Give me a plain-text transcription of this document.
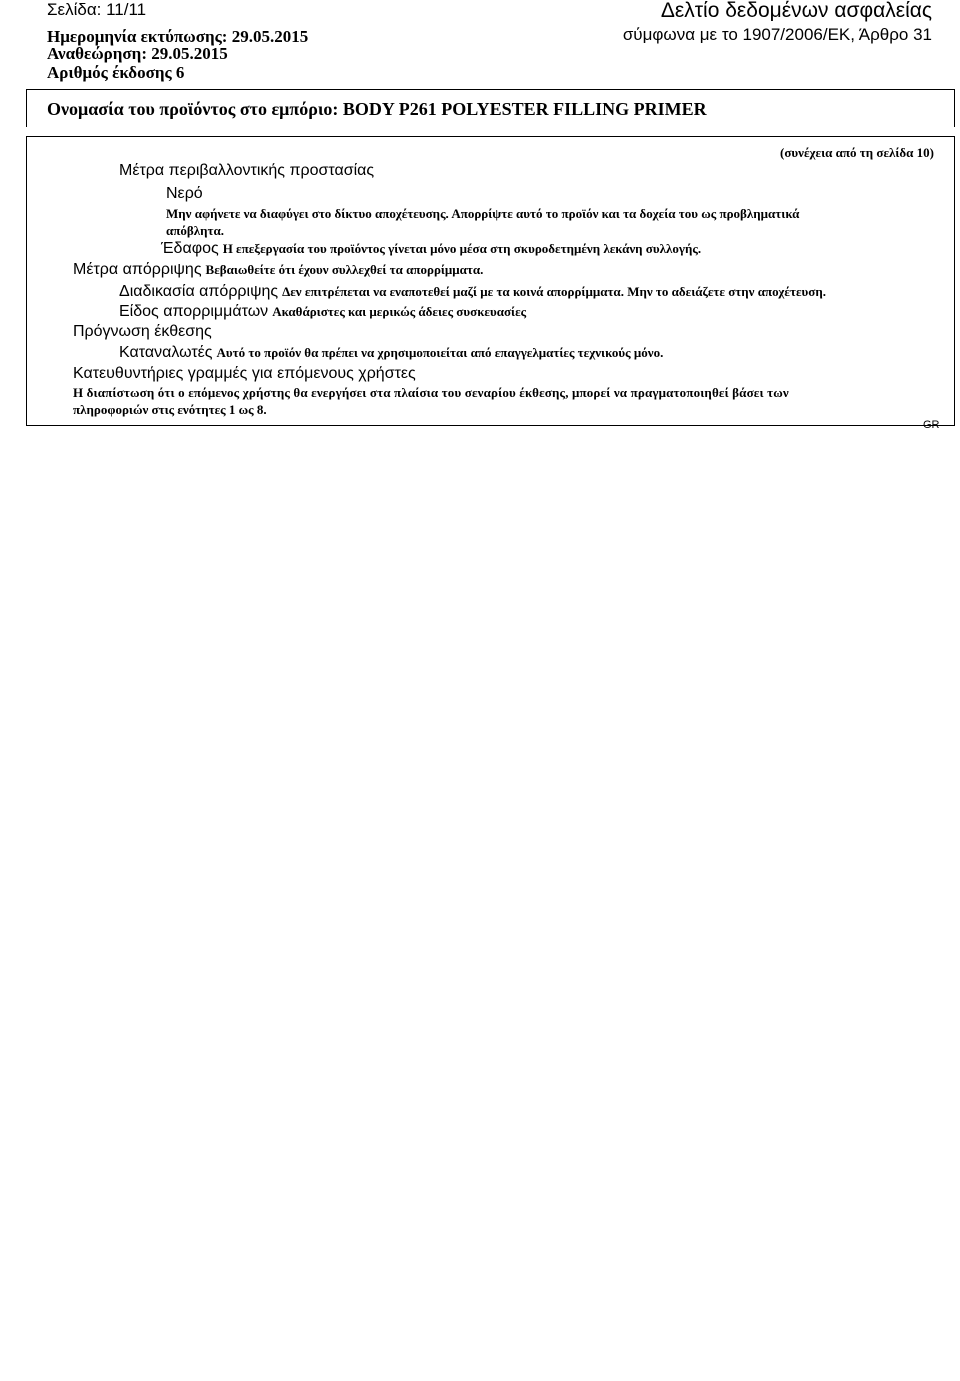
Σελίδα: 11/11
Ημερομηνία εκτύπωσης: 29.05.2015
Αναθεώρηση: 29.05.2015
Αριθμός έκδοσης 6
Δελτίο δεδομένων ασφαλείας
σύμφωνα με το 1907/2006/ΕΚ, Άρθρο 31
Ονομασία του προϊόντος στο εμπόριο: BODY P261 POLYESTER FILLING PRIMER
(συνέχεια από τη σελίδα 10)
Μέτρα περιβαλλοντικής προστασίας
Νερό
Μην αφήνετε να διαφύγει στο δίκτυο αποχέτευσης. Απορρίψτε αυτό το προϊόν και τα δοχεία του ως προβληματικά
απόβλητα.
Έδαφος Η επεξεργασία του προϊόντος γίνεται μόνο μέσα στη σκυροδετημένη λεκάνη συλλογής.
Μέτρα απόρριψης Βεβαιωθείτε ότι έχουν συλλεχθεί τα απορρίμματα.
Διαδικασία απόρριψης Δεν επιτρέπεται να εναποτεθεί μαζί με τα κοινά απορρίμματα. Μην το αδειάζετε στην αποχέτευση.
Είδος απορριμμάτων Ακαθάριστες και μερικώς άδειες συσκευασίες
Πρόγνωση έκθεσης
Καταναλωτές Αυτό το προϊόν θα πρέπει να χρησιμοποιείται από επαγγελματίες τεχνικούς μόνο.
Κατευθυντήριες γραμμές για επόμενους χρήστες
Η διαπίστωση ότι ο επόμενος χρήστης θα ενεργήσει στα πλαίσια του σεναρίου έκθεσης, μπορεί να πραγματοποιηθεί βάσει των
πληροφοριών στις ενότητες 1 ως 8.
GR
